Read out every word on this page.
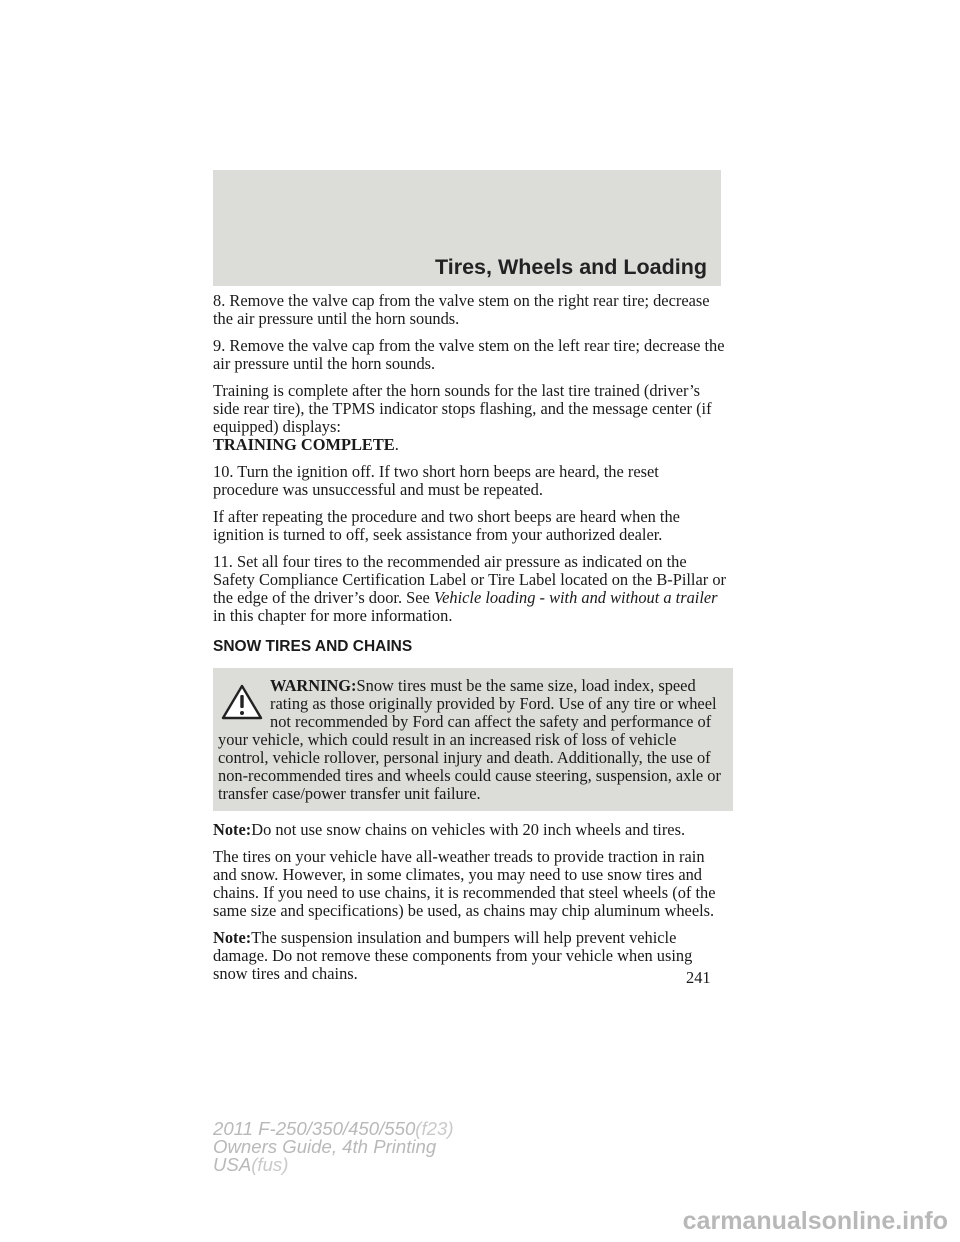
Tires, Wheels and Loading

8. Remove the valve cap from the valve stem on the right rear tire; decrease the air pressure until the horn sounds.

9. Remove the valve cap from the valve stem on the left rear tire; decrease the air pressure until the horn sounds.

Training is complete after the horn sounds for the last tire trained (driver’s side rear tire), the TPMS indicator stops flashing, and the message center (if equipped) displays:
TRAINING COMPLETE.

10. Turn the ignition off. If two short horn beeps are heard, the reset procedure was unsuccessful and must be repeated.

If after repeating the procedure and two short beeps are heard when the ignition is turned to off, seek assistance from your authorized dealer.

11. Set all four tires to the recommended air pressure as indicated on the Safety Compliance Certification Label or Tire Label located on the B-Pillar or the edge of the driver’s door. See Vehicle loading - with and without a trailer in this chapter for more information.

SNOW TIRES AND CHAINS
WARNING:Snow tires must be the same size, load index, speed rating as those originally provided by Ford. Use of any tire or wheel not recommended by Ford can affect the safety and performance of your vehicle, which could result in an increased risk of loss of vehicle control, vehicle rollover, personal injury and death. Additionally, the use of non-recommended tires and wheels could cause steering, suspension, axle or transfer case/power transfer unit failure.

Note:Do not use snow chains on vehicles with 20 inch wheels and tires.

The tires on your vehicle have all-weather treads to provide traction in rain and snow. However, in some climates, you may need to use snow tires and chains. If you need to use chains, it is recommended that steel wheels (of the same size and specifications) be used, as chains may chip aluminum wheels.

Note:The suspension insulation and bumpers will help prevent vehicle damage. Do not remove these components from your vehicle when using snow tires and chains.	241
2011 F-250/350/450/550(f23)
Owners Guide, 4th Printing
USA(fus)
carmanualsonline.info
